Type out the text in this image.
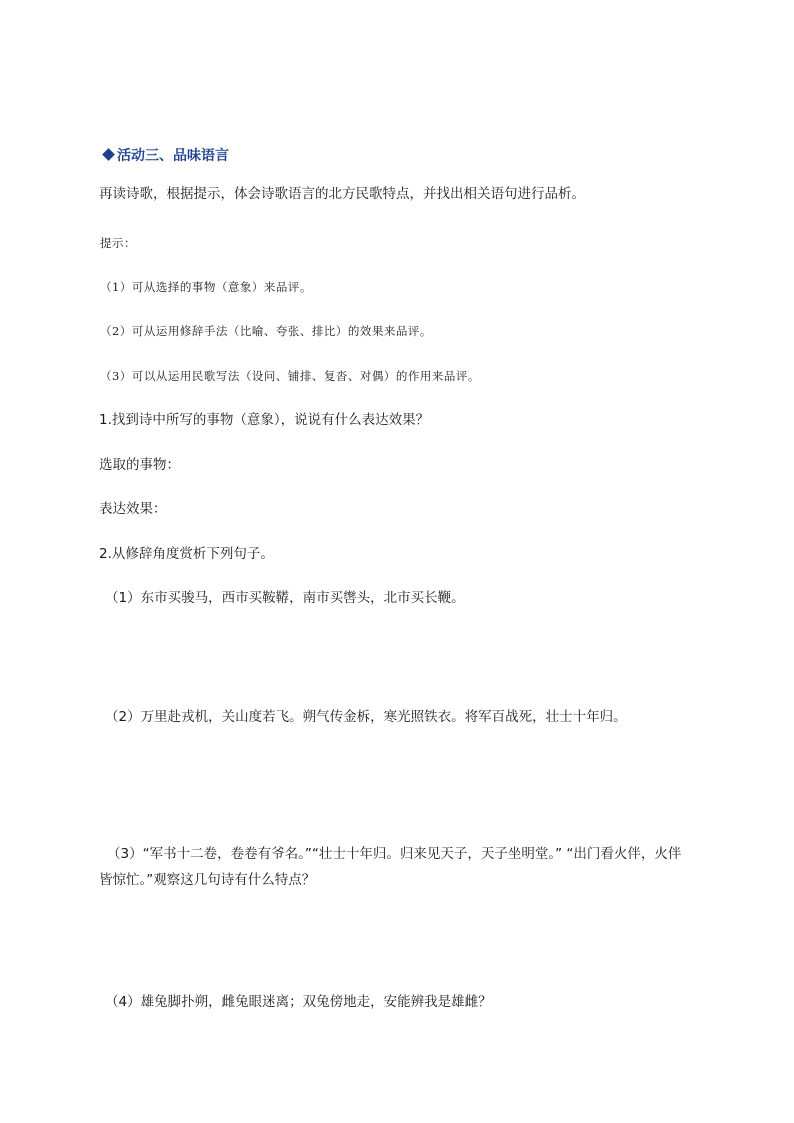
活动三、品味语言
再读诗歌，根据提示，体会诗歌语言的北方民歌特点，并找出相关语句进行品析。
提示：
（1）可从选择的事物（意象）来品评。
（2）可从运用修辞手法（比喻、夸张、排比）的效果来品评。
（3）可以从运用民歌写法（设问、铺排、复沓、对偶）的作用来品评。
1.找到诗中所写的事物（意象），说说有什么表达效果？
选取的事物：
表达效果：
2.从修辞角度赏析下列句子。
（1）东市买骏马，西市买鞍鞯，南市买辔头，北市买长鞭。
（2）万里赴戎机，关山度若飞。朔气传金柝，寒光照铁衣。将军百战死，壮士十年归。
（3）“军书十二卷，卷卷有爷名。”“壮士十年归。归来见天子，天子坐明堂。” “出门看火伴，火伴
皆惊忙。”观察这几句诗有什么特点？
（4）雄兔脚扑朔，雌兔眼迷离；双兔傍地走，安能辨我是雄雌？
